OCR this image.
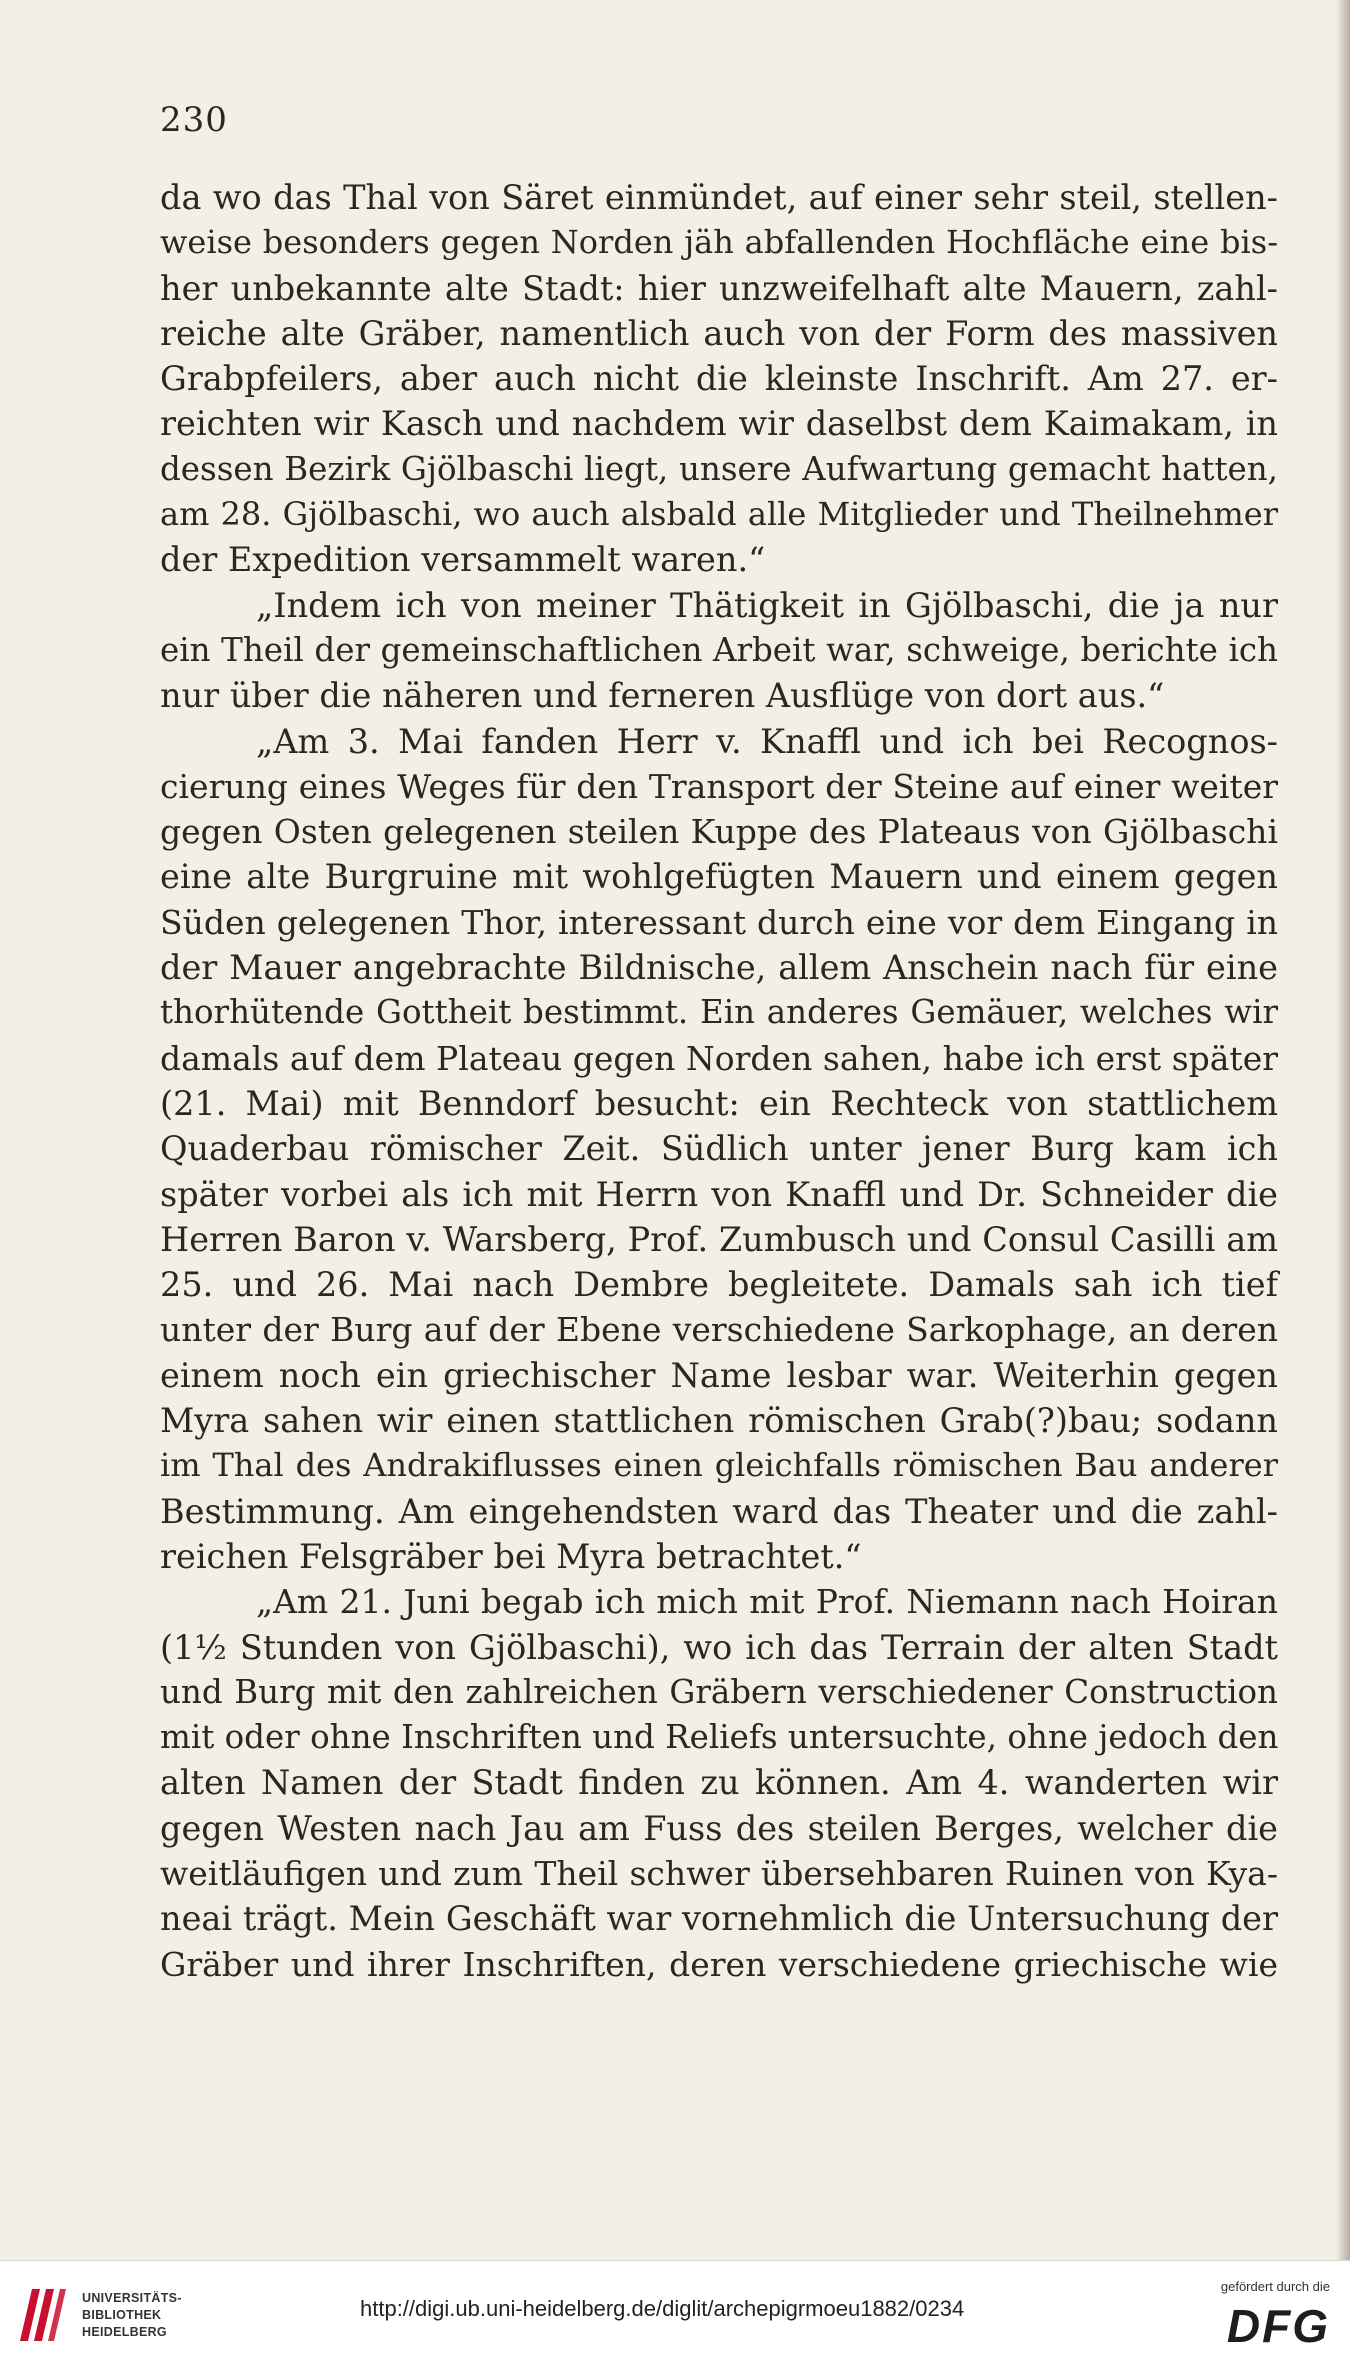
230
da wo das Thal von Säret einmündet, auf einer sehr steil, stellen-
weise besonders gegen Norden jäh abfallenden Hochfläche eine bis-
her unbekannte alte Stadt: hier unzweifelhaft alte Mauern, zahl-
reiche alte Gräber, namentlich auch von der Form des massiven
Grabpfeilers, aber auch nicht die kleinste Inschrift. Am 27. er-
reichten wir Kasch und nachdem wir daselbst dem Kaimakam, in
dessen Bezirk Gjölbaschi liegt, unsere Aufwartung gemacht hatten,
am 28. Gjölbaschi, wo auch alsbald alle Mitglieder und Theilnehmer
der Expedition versammelt waren.“
„Indem ich von meiner Thätigkeit in Gjölbaschi, die ja nur
ein Theil der gemeinschaftlichen Arbeit war, schweige, berichte ich
nur über die näheren und ferneren Ausflüge von dort aus.“
„Am 3. Mai fanden Herr v. Knaffl und ich bei Recognos-
cierung eines Weges für den Transport der Steine auf einer weiter
gegen Osten gelegenen steilen Kuppe des Plateaus von Gjölbaschi
eine alte Burgruine mit wohlgefügten Mauern und einem gegen
Süden gelegenen Thor, interessant durch eine vor dem Eingang in
der Mauer angebrachte Bildnische, allem Anschein nach für eine
thorhütende Gottheit bestimmt. Ein anderes Gemäuer, welches wir
damals auf dem Plateau gegen Norden sahen, habe ich erst später
(21. Mai) mit Benndorf besucht: ein Rechteck von stattlichem
Quaderbau römischer Zeit. Südlich unter jener Burg kam ich
später vorbei als ich mit Herrn von Knaffl und Dr. Schneider die
Herren Baron v. Warsberg, Prof. Zumbusch und Consul Casilli am
25. und 26. Mai nach Dembre begleitete. Damals sah ich tief
unter der Burg auf der Ebene verschiedene Sarkophage, an deren
einem noch ein griechischer Name lesbar war. Weiterhin gegen
Myra sahen wir einen stattlichen römischen Grab(?)bau; sodann
im Thal des Andrakiflusses einen gleichfalls römischen Bau anderer
Bestimmung. Am eingehendsten ward das Theater und die zahl-
reichen Felsgräber bei Myra betrachtet.“
„Am 21. Juni begab ich mich mit Prof. Niemann nach Hoiran
(1½ Stunden von Gjölbaschi), wo ich das Terrain der alten Stadt
und Burg mit den zahlreichen Gräbern verschiedener Construction
mit oder ohne Inschriften und Reliefs untersuchte, ohne jedoch den
alten Namen der Stadt finden zu können. Am 4. wanderten wir
gegen Westen nach Jau am Fuss des steilen Berges, welcher die
weitläufigen und zum Theil schwer übersehbaren Ruinen von Kya-
neai trägt. Mein Geschäft war vornehmlich die Untersuchung der
Gräber und ihrer Inschriften, deren verschiedene griechische wie
UNIVERSITÄTS-
BIBLIOTHEK
HEIDELBERG
http://digi.ub.uni-heidelberg.de/diglit/archepigrmoeu1882/0234
gefördert durch die
DFG
